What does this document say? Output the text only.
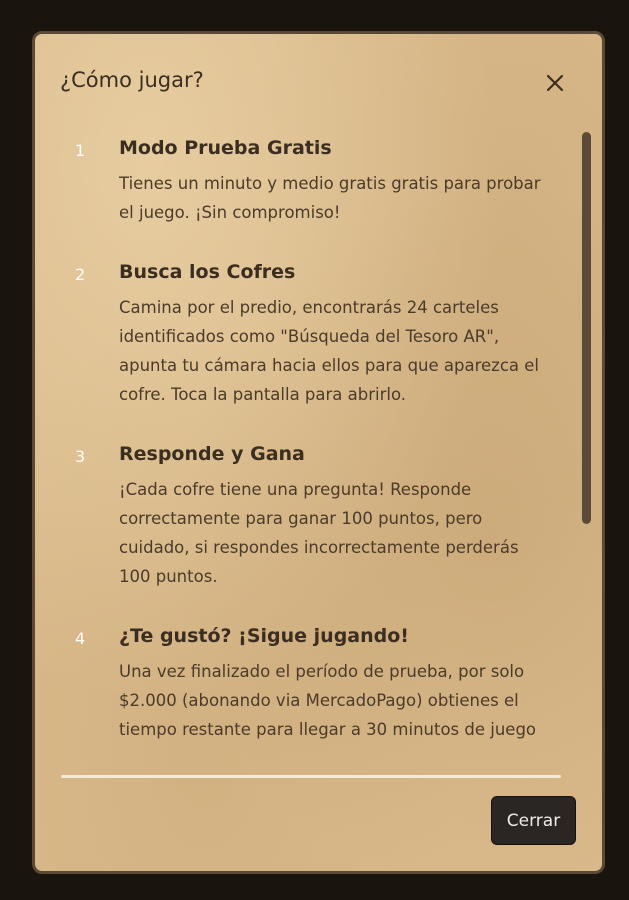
¿Cómo jugar?
1 Modo Prueba Gratis
Tienes un minuto y medio gratis gratis para probar
el juego. ¡Sin compromiso!
2 Busca los Cofres
Camina por el predio, encontrarás 24 carteles
identificados como "Búsqueda del Tesoro AR",
apunta tu cámara hacia ellos para que aparezca el
cofre. Toca la pantalla para abrirlo.
3 Responde y Gana
¡Cada cofre tiene una pregunta! Responde
correctamente para ganar 100 puntos, pero
cuidado, si respondes incorrectamente perderás
100 puntos.
4 ¿Te gustó? ¡Sigue jugando!
Una vez finalizado el período de prueba, por solo
$2.000 (abonando via MercadoPago) obtienes el
tiempo restante para llegar a 30 minutos de juego
Cerrar
